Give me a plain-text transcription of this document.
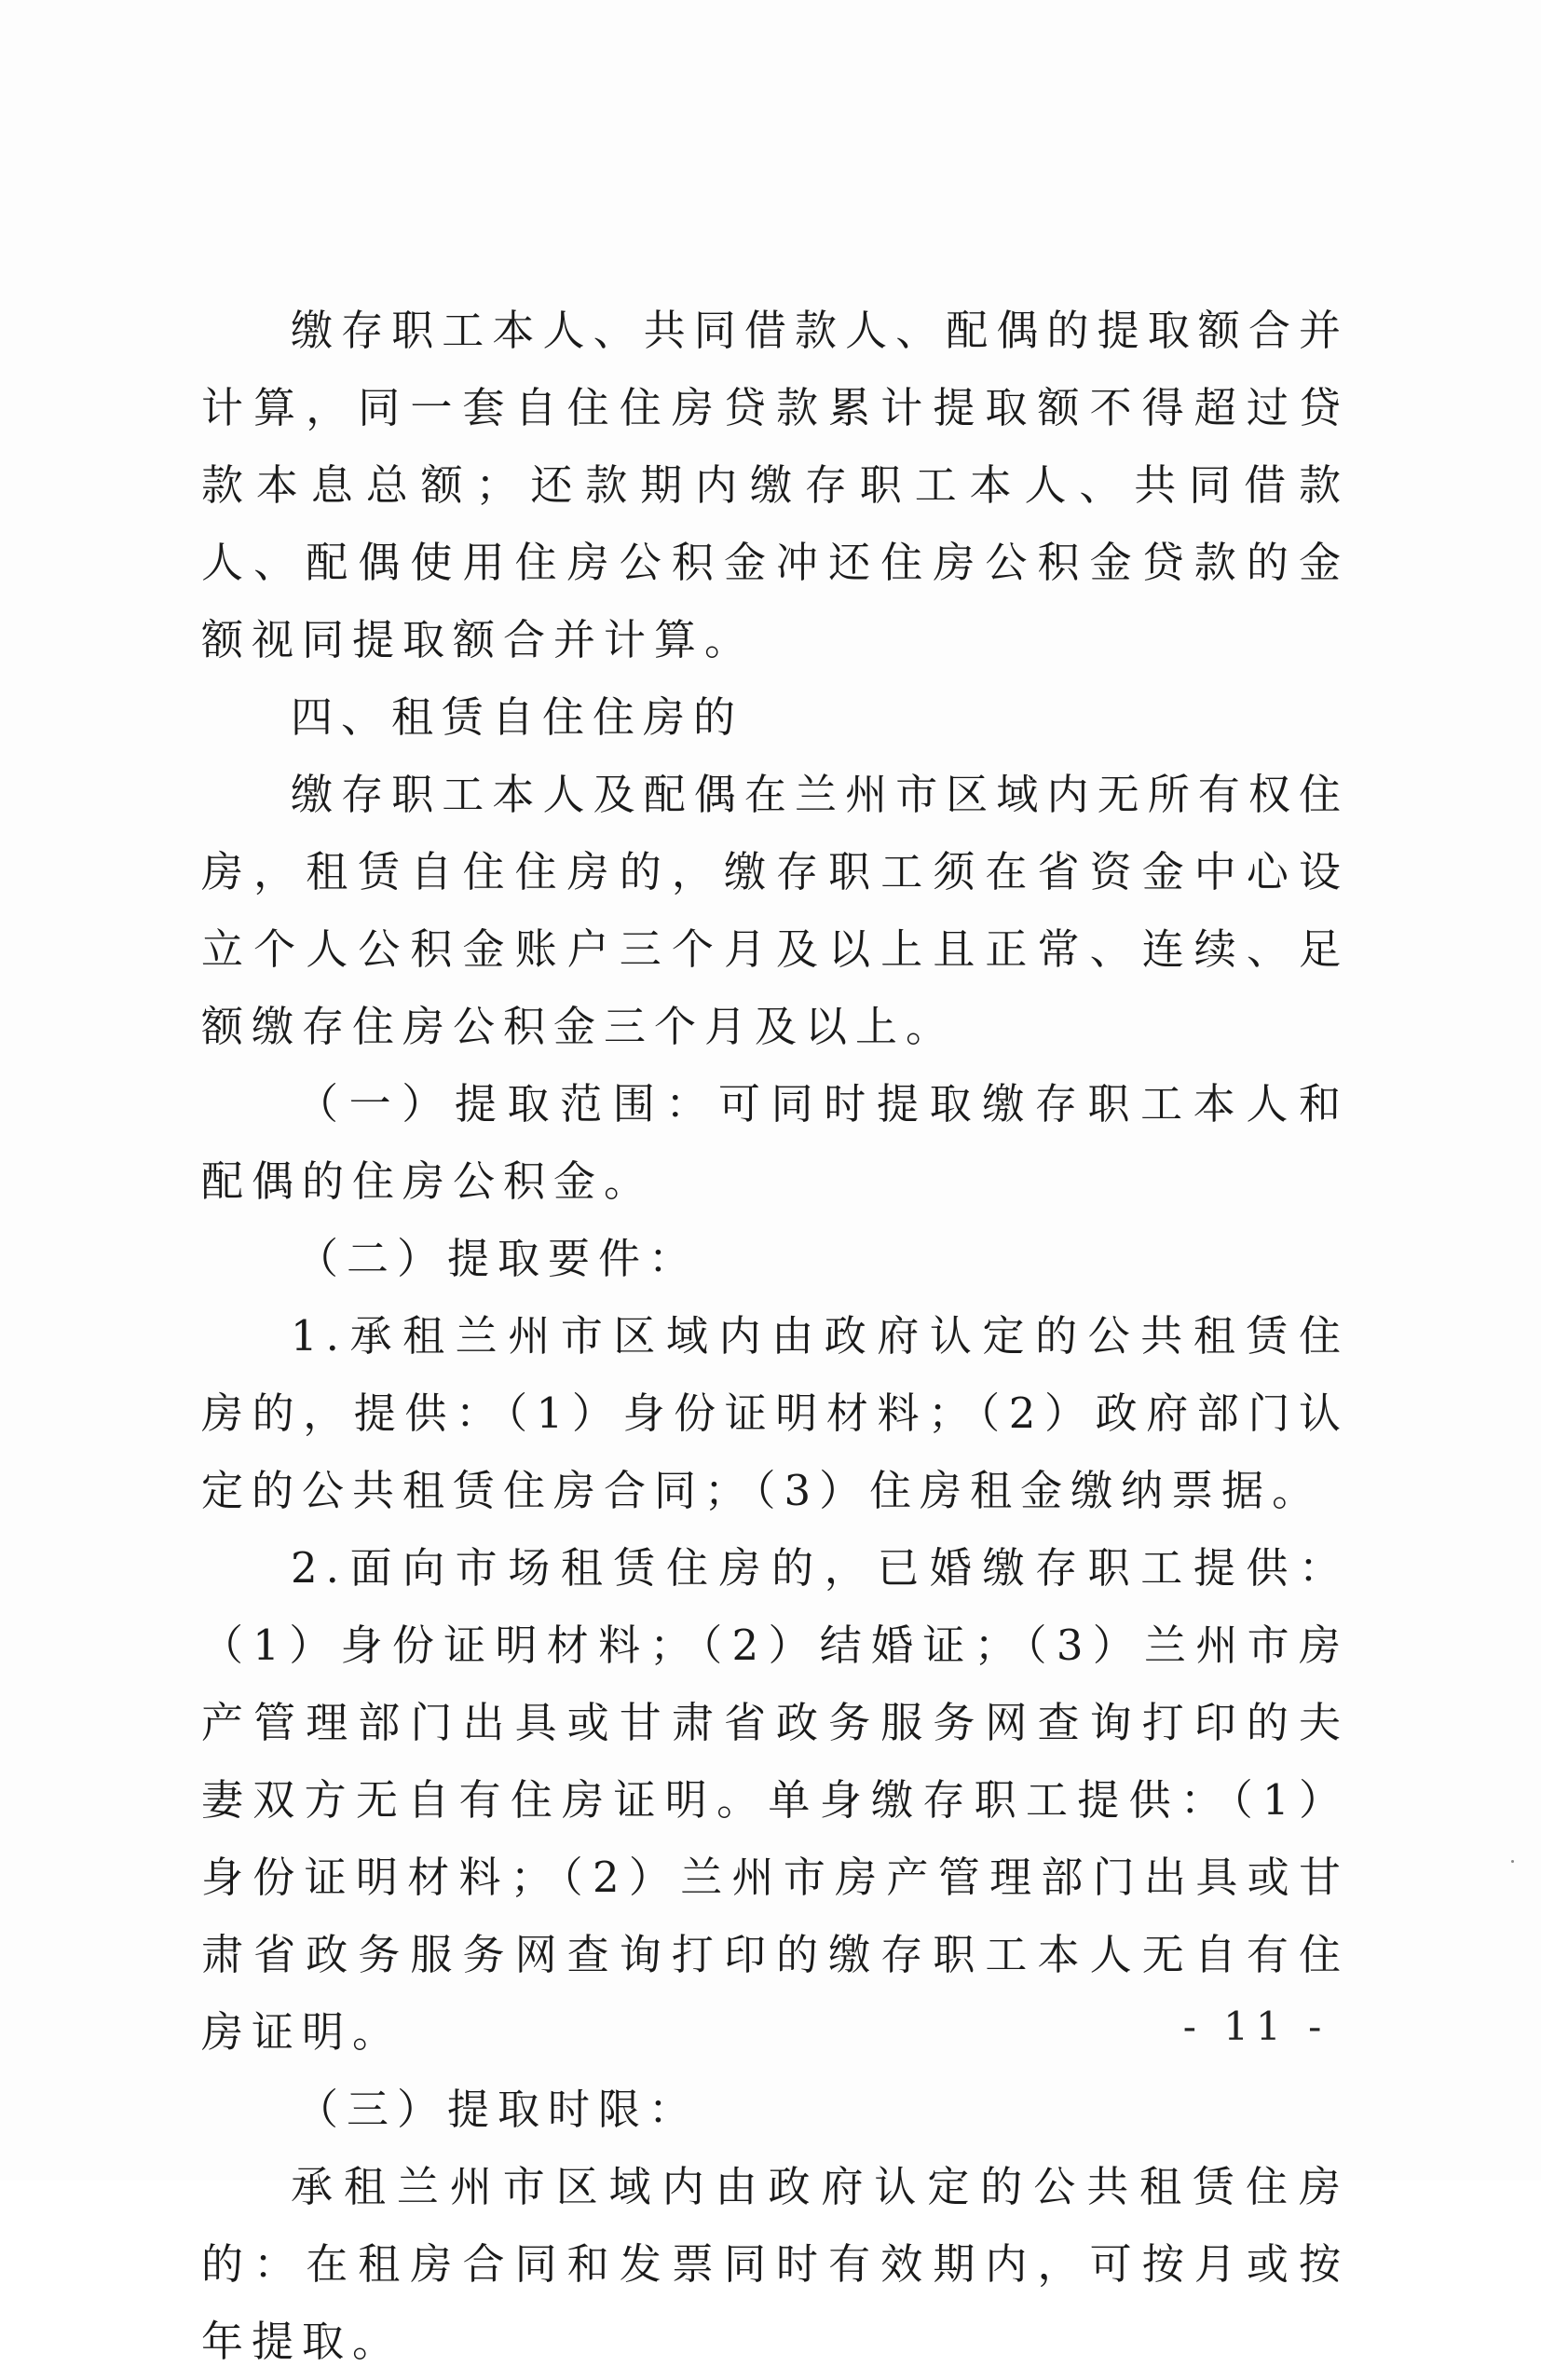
缴存职工本人、共同借款人、配偶的提取额合并计算，同一套自住住房贷款累计提取额不得超过贷款本息总额；还款期内缴存职工本人、共同借款人、配偶使用住房公积金冲还住房公积金贷款的金额视同提取额合并计算。

四、租赁自住住房的

缴存职工本人及配偶在兰州市区域内无所有权住房，租赁自住住房的，缴存职工须在省资金中心设立个人公积金账户三个月及以上且正常、连续、足额缴存住房公积金三个月及以上。

（一）提取范围：可同时提取缴存职工本人和配偶的住房公积金。

（二）提取要件：

1.承租兰州市区域内由政府认定的公共租赁住房的，提供：（1）身份证明材料；（2）政府部门认定的公共租赁住房合同；（3）住房租金缴纳票据。

2.面向市场租赁住房的，已婚缴存职工提供：（1）身份证明材料；（2）结婚证；（3）兰州市房产管理部门出具或甘肃省政务服务网查询打印的夫妻双方无自有住房证明。单身缴存职工提供：（1）身份证明材料；（2）兰州市房产管理部门出具或甘肃省政务服务网查询打印的缴存职工本人无自有住房证明。

（三）提取时限：

承租兰州市区域内由政府认定的公共租赁住房的：在租房合同和发票同时有效期内，可按月或按年提取。

- 11 -
